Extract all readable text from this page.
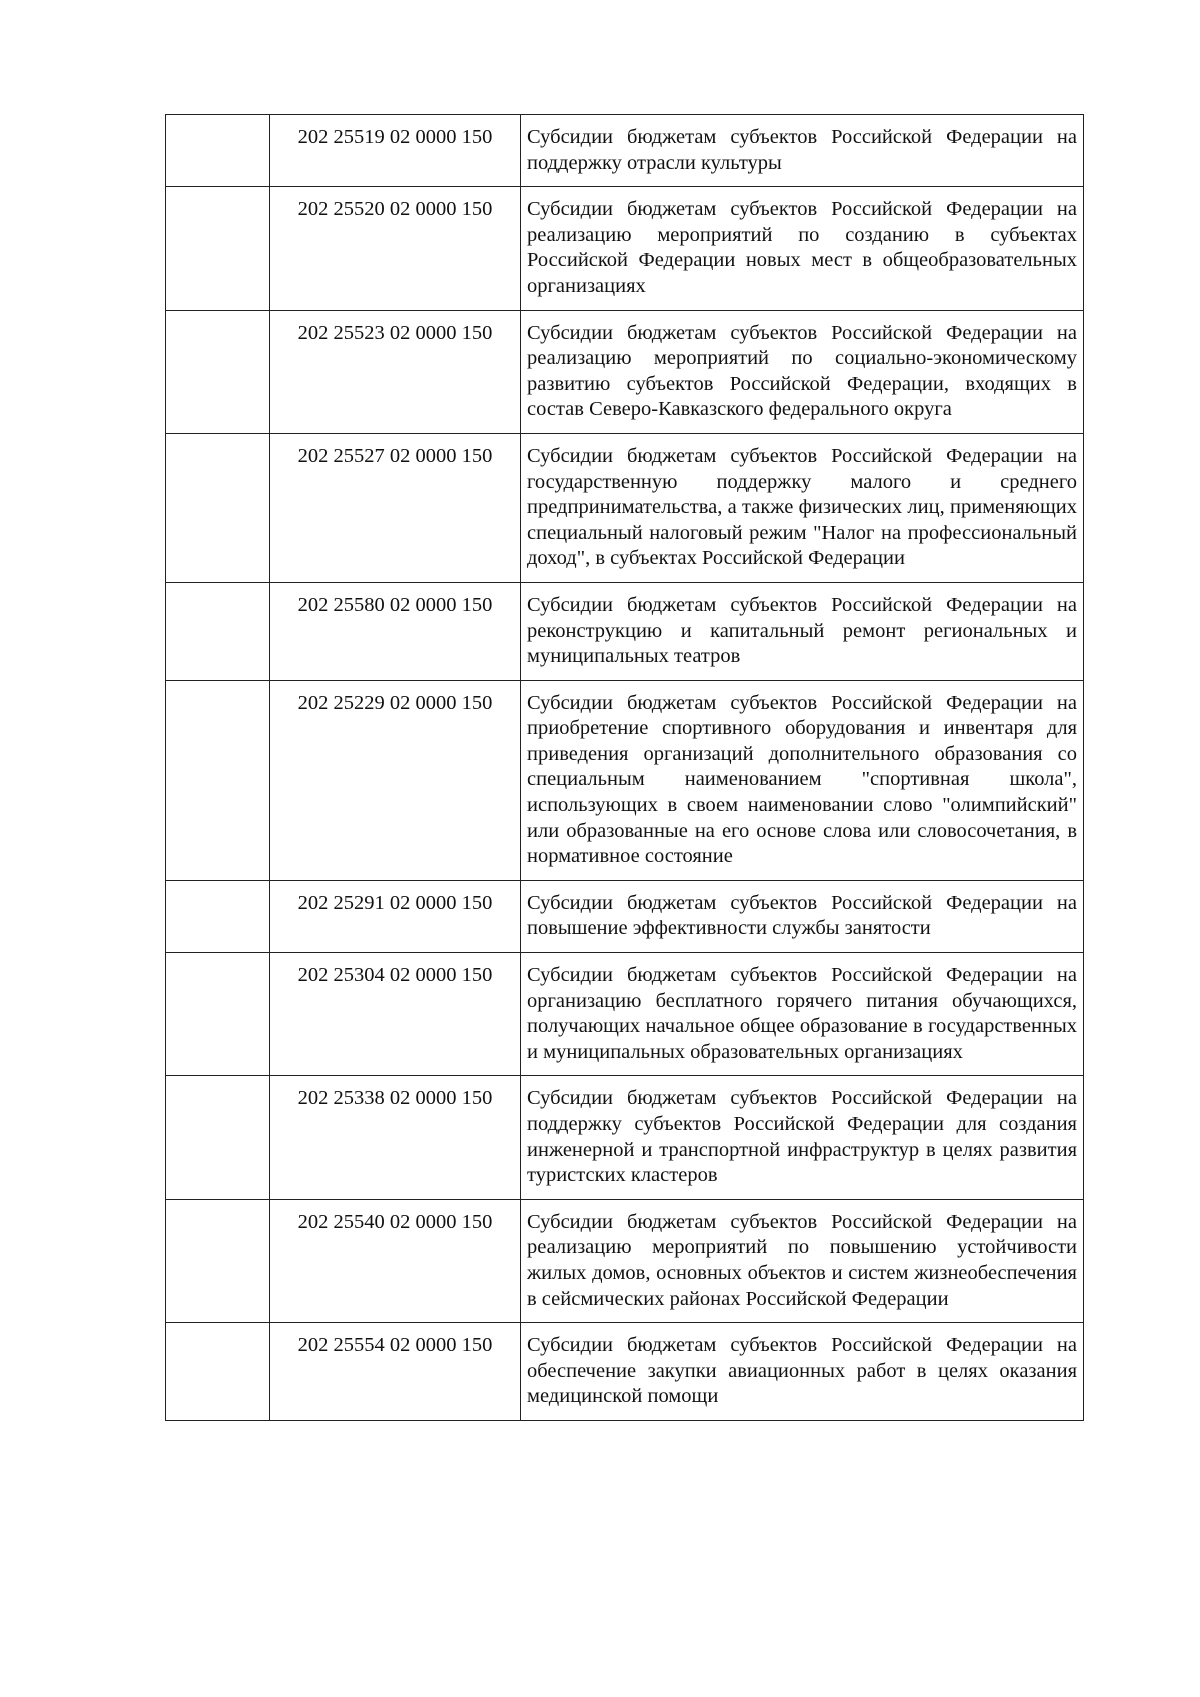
	202 25519 02 0000 150	Субсидии бюджетам субъектов Российской Федерации на поддержку отрасли культуры
	202 25520 02 0000 150	Субсидии бюджетам субъектов Российской Федерации на реализацию мероприятий по созданию в субъектах Российской Федерации новых мест в общеобразовательных организациях
	202 25523 02 0000 150	Субсидии бюджетам субъектов Российской Федерации на реализацию мероприятий по социально-экономическому развитию субъектов Российской Федерации, входящих в состав Северо-Кавказского федерального округа
	202 25527 02 0000 150	Субсидии бюджетам субъектов Российской Федерации на государственную поддержку малого и среднего предпринимательства, а также физических лиц, применяющих специальный налоговый режим "Налог на профессиональный доход", в субъектах Российской Федерации
	202 25580 02 0000 150	Субсидии бюджетам субъектов Российской Федерации на реконструкцию и капитальный ремонт региональных и муниципальных театров
	202 25229 02 0000 150	Субсидии бюджетам субъектов Российской Федерации на приобретение спортивного оборудования и инвентаря для приведения организаций дополнительного образования со специальным наименованием "спортивная школа", использующих в своем наименовании слово "олимпийский" или образованные на его основе слова или словосочетания, в нормативное состояние
	202 25291 02 0000 150	Субсидии бюджетам субъектов Российской Федерации на повышение эффективности службы занятости
	202 25304 02 0000 150	Субсидии бюджетам субъектов Российской Федерации на организацию бесплатного горячего питания обучающихся, получающих начальное общее образование в государственных и муниципальных образовательных организациях
	202 25338 02 0000 150	Субсидии бюджетам субъектов Российской Федерации на поддержку субъектов Российской Федерации для создания инженерной и транспортной инфраструктур в целях развития туристских кластеров
	202 25540 02 0000 150	Субсидии бюджетам субъектов Российской Федерации на реализацию мероприятий по повышению устойчивости жилых домов, основных объектов и систем жизнеобеспечения в сейсмических районах Российской Федерации
	202 25554 02 0000 150	Субсидии бюджетам субъектов Российской Федерации на обеспечение закупки авиационных работ в целях оказания медицинской помощи
